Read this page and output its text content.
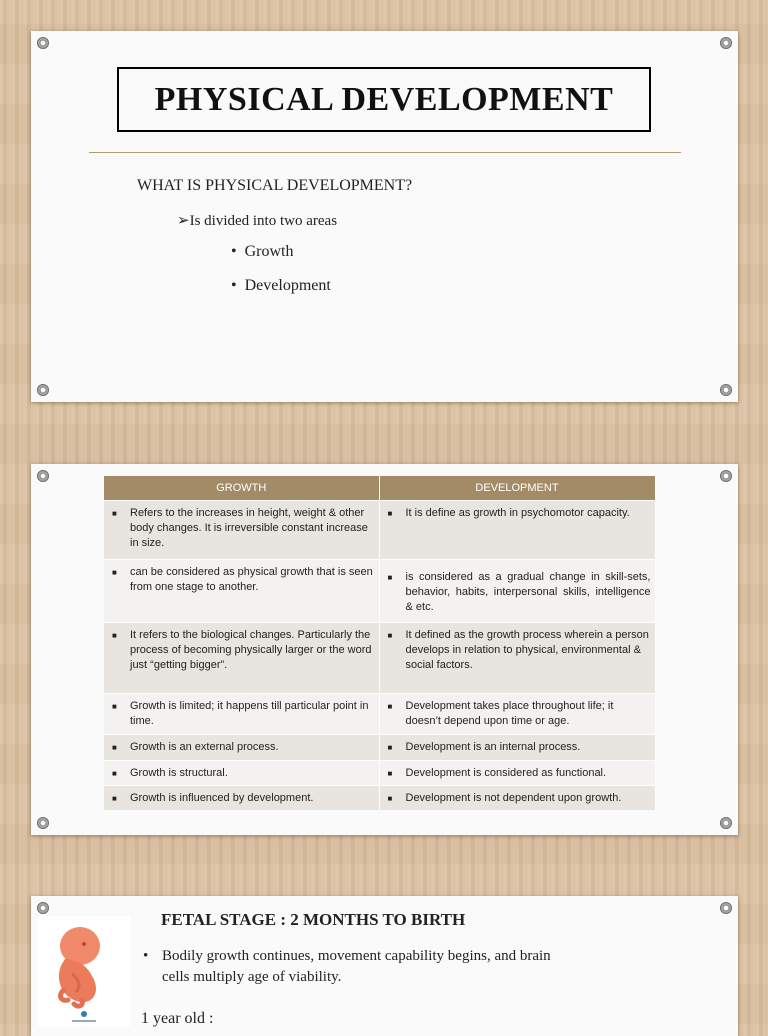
PHYSICAL DEVELOPMENT
WHAT IS PHYSICAL DEVELOPMENT?
➢Is divided into two areas
• Growth
• Development
GROWTH	DEVELOPMENT

■ Refers to the increases in height, weight & other body changes. It is irreversible constant increase in size.	■ It is define as growth in psychomotor capacity.

■ can be considered as physical growth that is seen from one stage to another.	■ is considered as a gradual change in skill-sets, behavior, habits, interpersonal skills, intelligence & etc.

■ It refers to the biological changes. Particularly the process of becoming physically larger or the word just “getting bigger”.	■ It defined as the growth process wherein a person develops in relation to physical, environmental & social factors.

■ Growth is limited; it happens till particular point in time.	■ Development takes place throughout life; it doesn’t depend upon time or age.

■ Growth is an external process.	■ Development is an internal process.

■ Growth is structural.	■ Development is considered as functional.

■ Growth is influenced by development.	■ Development is not dependent upon growth.
FETAL STAGE : 2 MONTHS TO BIRTH
• Bodily growth continues, movement capability begins, and brain cells multiply age of viability.
1 year old :
